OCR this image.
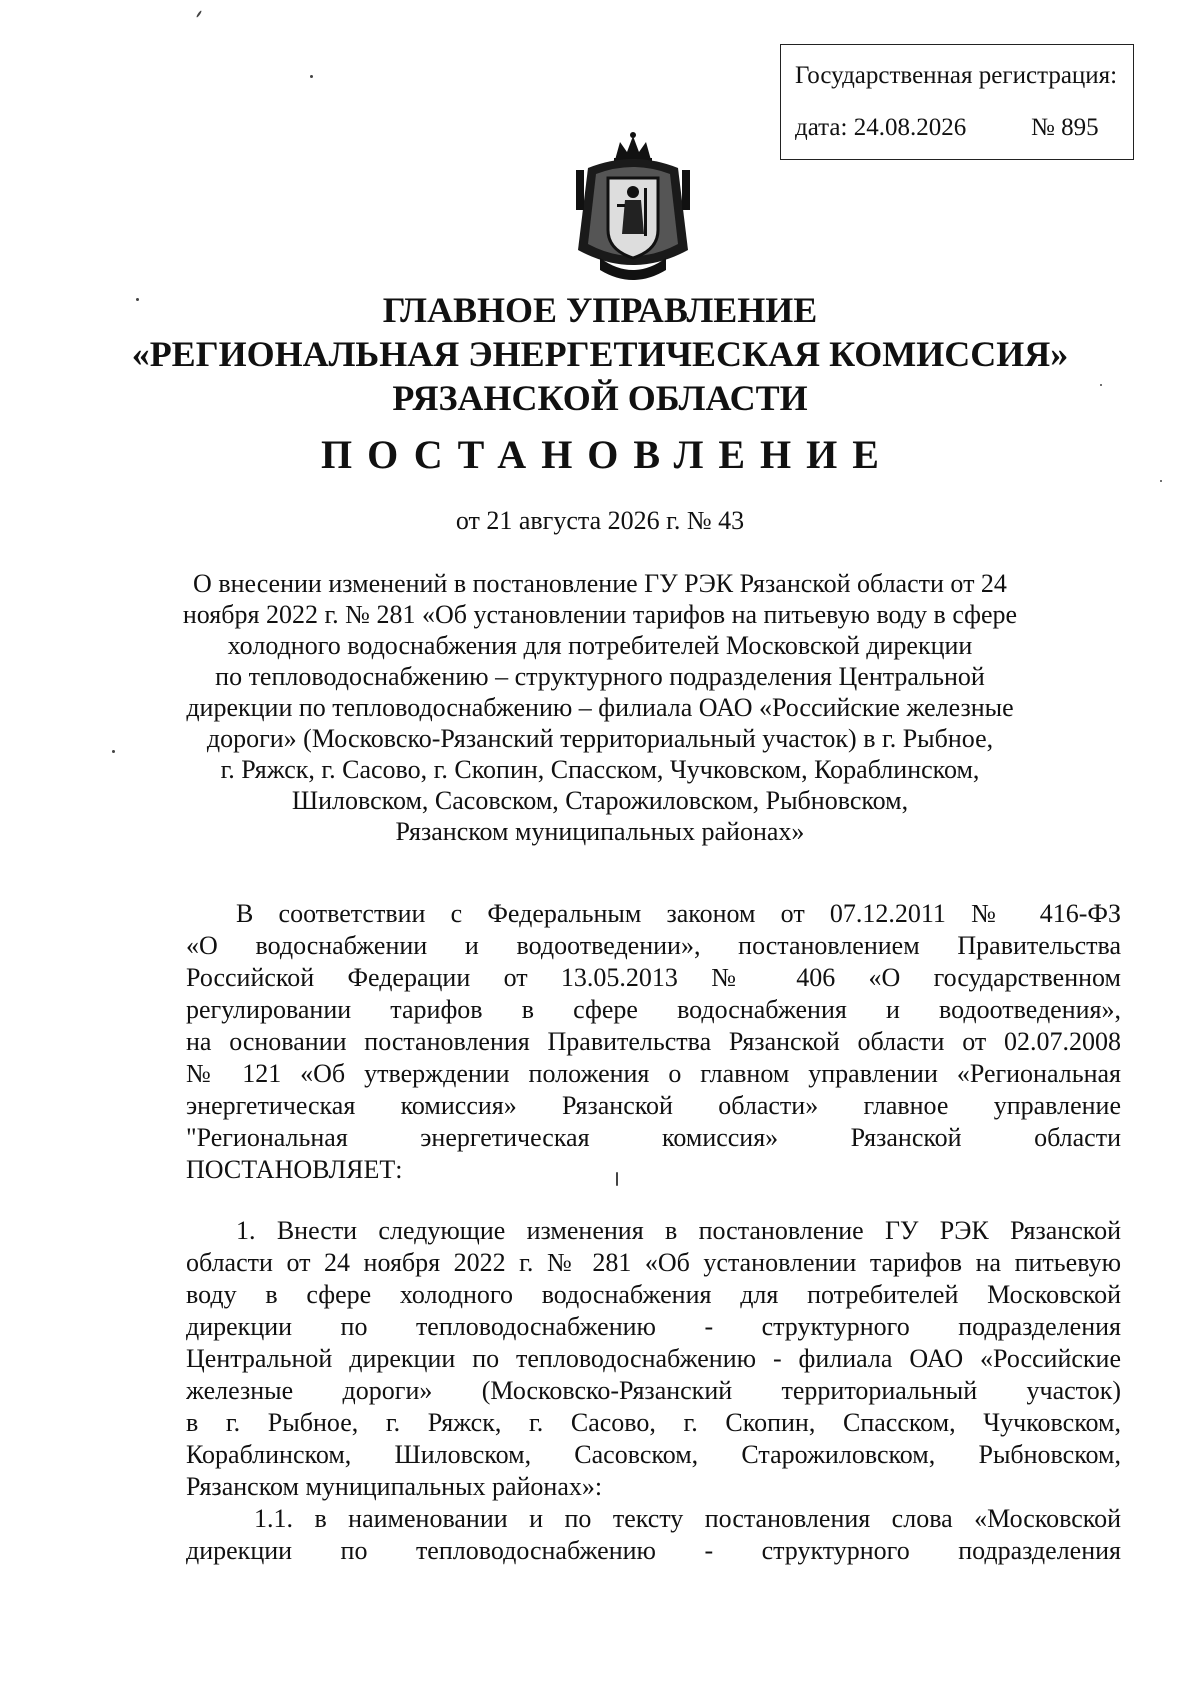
Государственная регистрация:
дата: 24.08.2026	№ 895
ГЛАВНОЕ УПРАВЛЕНИЕ
«РЕГИОНАЛЬНАЯ ЭНЕРГЕТИЧЕСКАЯ КОМИССИЯ»
РЯЗАНСКОЙ ОБЛАСТИ
ПОСТАНОВЛЕНИЕ
от 21 августа 2026 г. № 43
О внесении изменений в постановление ГУ РЭК Рязанской области от 24
ноября 2022 г. № 281 «Об установлении тарифов на питьевую воду в сфере
холодного водоснабжения для потребителей Московской дирекции
по тепловодоснабжению – структурного подразделения Центральной
дирекции по тепловодоснабжению – филиала ОАО «Российские железные
дороги» (Московско-Рязанский территориальный участок) в г. Рыбное,
г. Ряжск, г. Сасово, г. Скопин, Спасском, Чучковском, Кораблинском,
Шиловском, Сасовском, Старожиловском, Рыбновском,
Рязанском муниципальных районах»
В соответствии с Федеральным законом от 07.12.2011 № 416-ФЗ
«О водоснабжении и водоотведении», постановлением Правительства
Российской Федерации от 13.05.2013 № 406 «О государственном
регулировании тарифов в сфере водоснабжения и водоотведения»,
на основании постановления Правительства Рязанской области от 02.07.2008
№ 121 «Об утверждении положения о главном управлении «Региональная
энергетическая комиссия» Рязанской области» главное управление
"Региональная энергетическая комиссия» Рязанской области
ПОСТАНОВЛЯЕТ:
1. Внести следующие изменения в постановление ГУ РЭК Рязанской
области от 24 ноября 2022 г. № 281 «Об установлении тарифов на питьевую
воду в сфере холодного водоснабжения для потребителей Московской
дирекции по тепловодоснабжению - структурного подразделения
Центральной дирекции по тепловодоснабжению - филиала ОАО «Российские
железные дороги» (Московско-Рязанский территориальный участок)
в г. Рыбное, г. Ряжск, г. Сасово, г. Скопин, Спасском, Чучковском,
Кораблинском, Шиловском, Сасовском, Старожиловском, Рыбновском,
Рязанском муниципальных районах»:
1.1. в наименовании и по тексту постановления слова «Московской
дирекции по тепловодоснабжению - структурного подразделения
